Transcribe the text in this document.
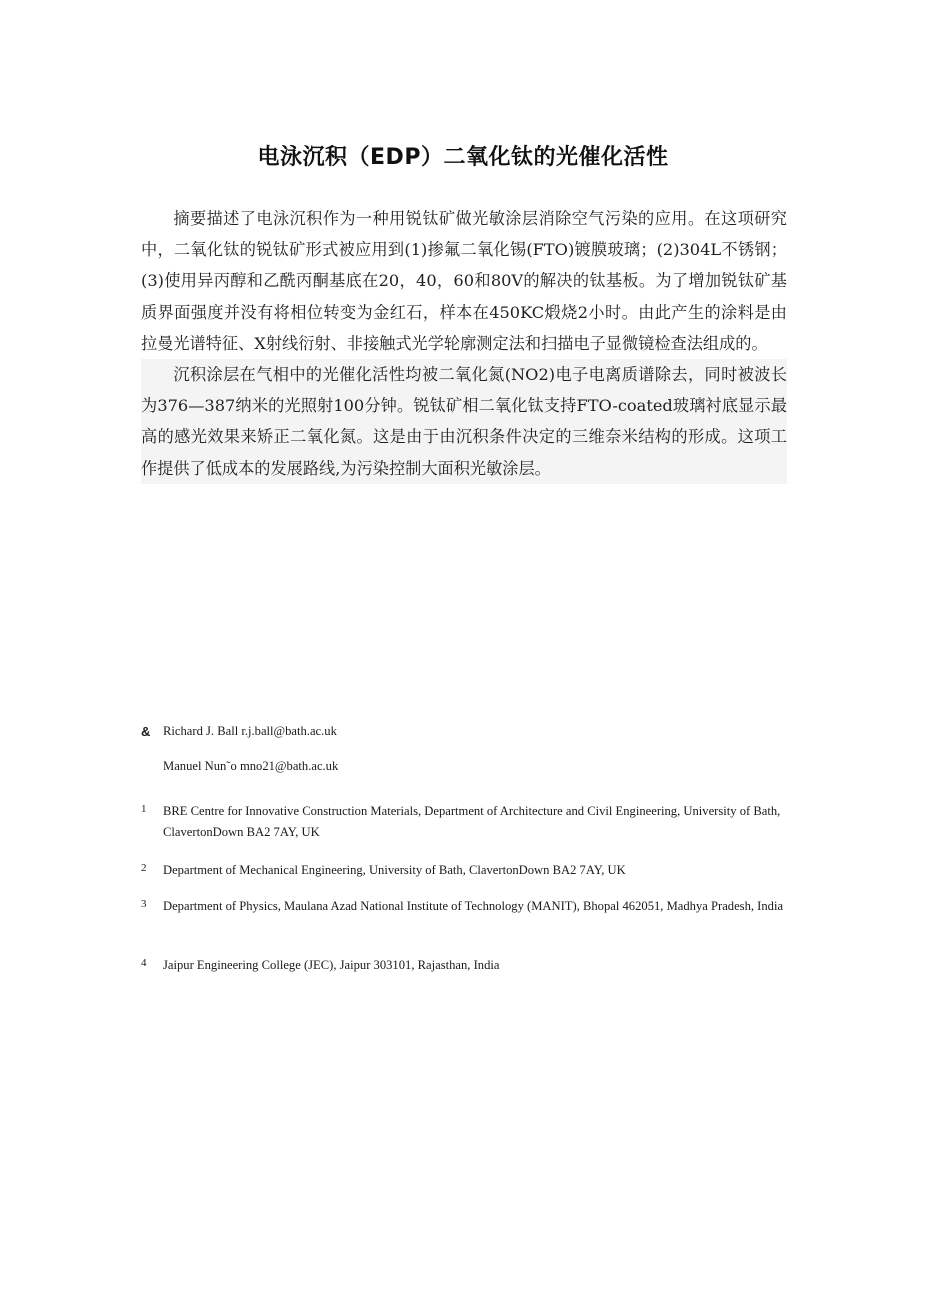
电泳沉积（EDP）二氧化钛的光催化活性

摘要描述了电泳沉积作为一种用锐钛矿做光敏涂层消除空气污染的应用。在这项研究中，二氧化钛的锐钛矿形式被应用到(1)掺氟二氧化锡(FTO)镀膜玻璃；(2)304L不锈钢；(3)使用异丙醇和乙酰丙酮基底在20，40，60和80V的解决的钛基板。为了增加锐钛矿基质界面强度并没有将相位转变为金红石，样本在450KC煅烧2小时。由此产生的涂料是由拉曼光谱特征、X射线衍射、非接触式光学轮廓测定法和扫描电子显微镜检查法组成的。

沉积涂层在气相中的光催化活性均被二氧化氮(NO2)电子电离质谱除去，同时被波长为376—387纳米的光照射100分钟。锐钛矿相二氧化钛支持FTO-coated玻璃衬底显示最高的感光效果来矫正二氧化氮。这是由于由沉积条件决定的三维奈米结构的形成。这项工作提供了低成本的发展路线,为污染控制大面积光敏涂层。

& Richard J. Ball r.j.ball@bath.ac.uk
Manuel Nun˜o mno21@bath.ac.uk
1 BRE Centre for Innovative Construction Materials, Department of Architecture and Civil Engineering, University of Bath, ClavertonDown BA2 7AY, UK
2 Department of Mechanical Engineering, University of Bath, ClavertonDown BA2 7AY, UK
3 Department of Physics, Maulana Azad National Institute of Technology (MANIT), Bhopal 462051, Madhya Pradesh, India
4 Jaipur Engineering College (JEC), Jaipur 303101, Rajasthan, India
